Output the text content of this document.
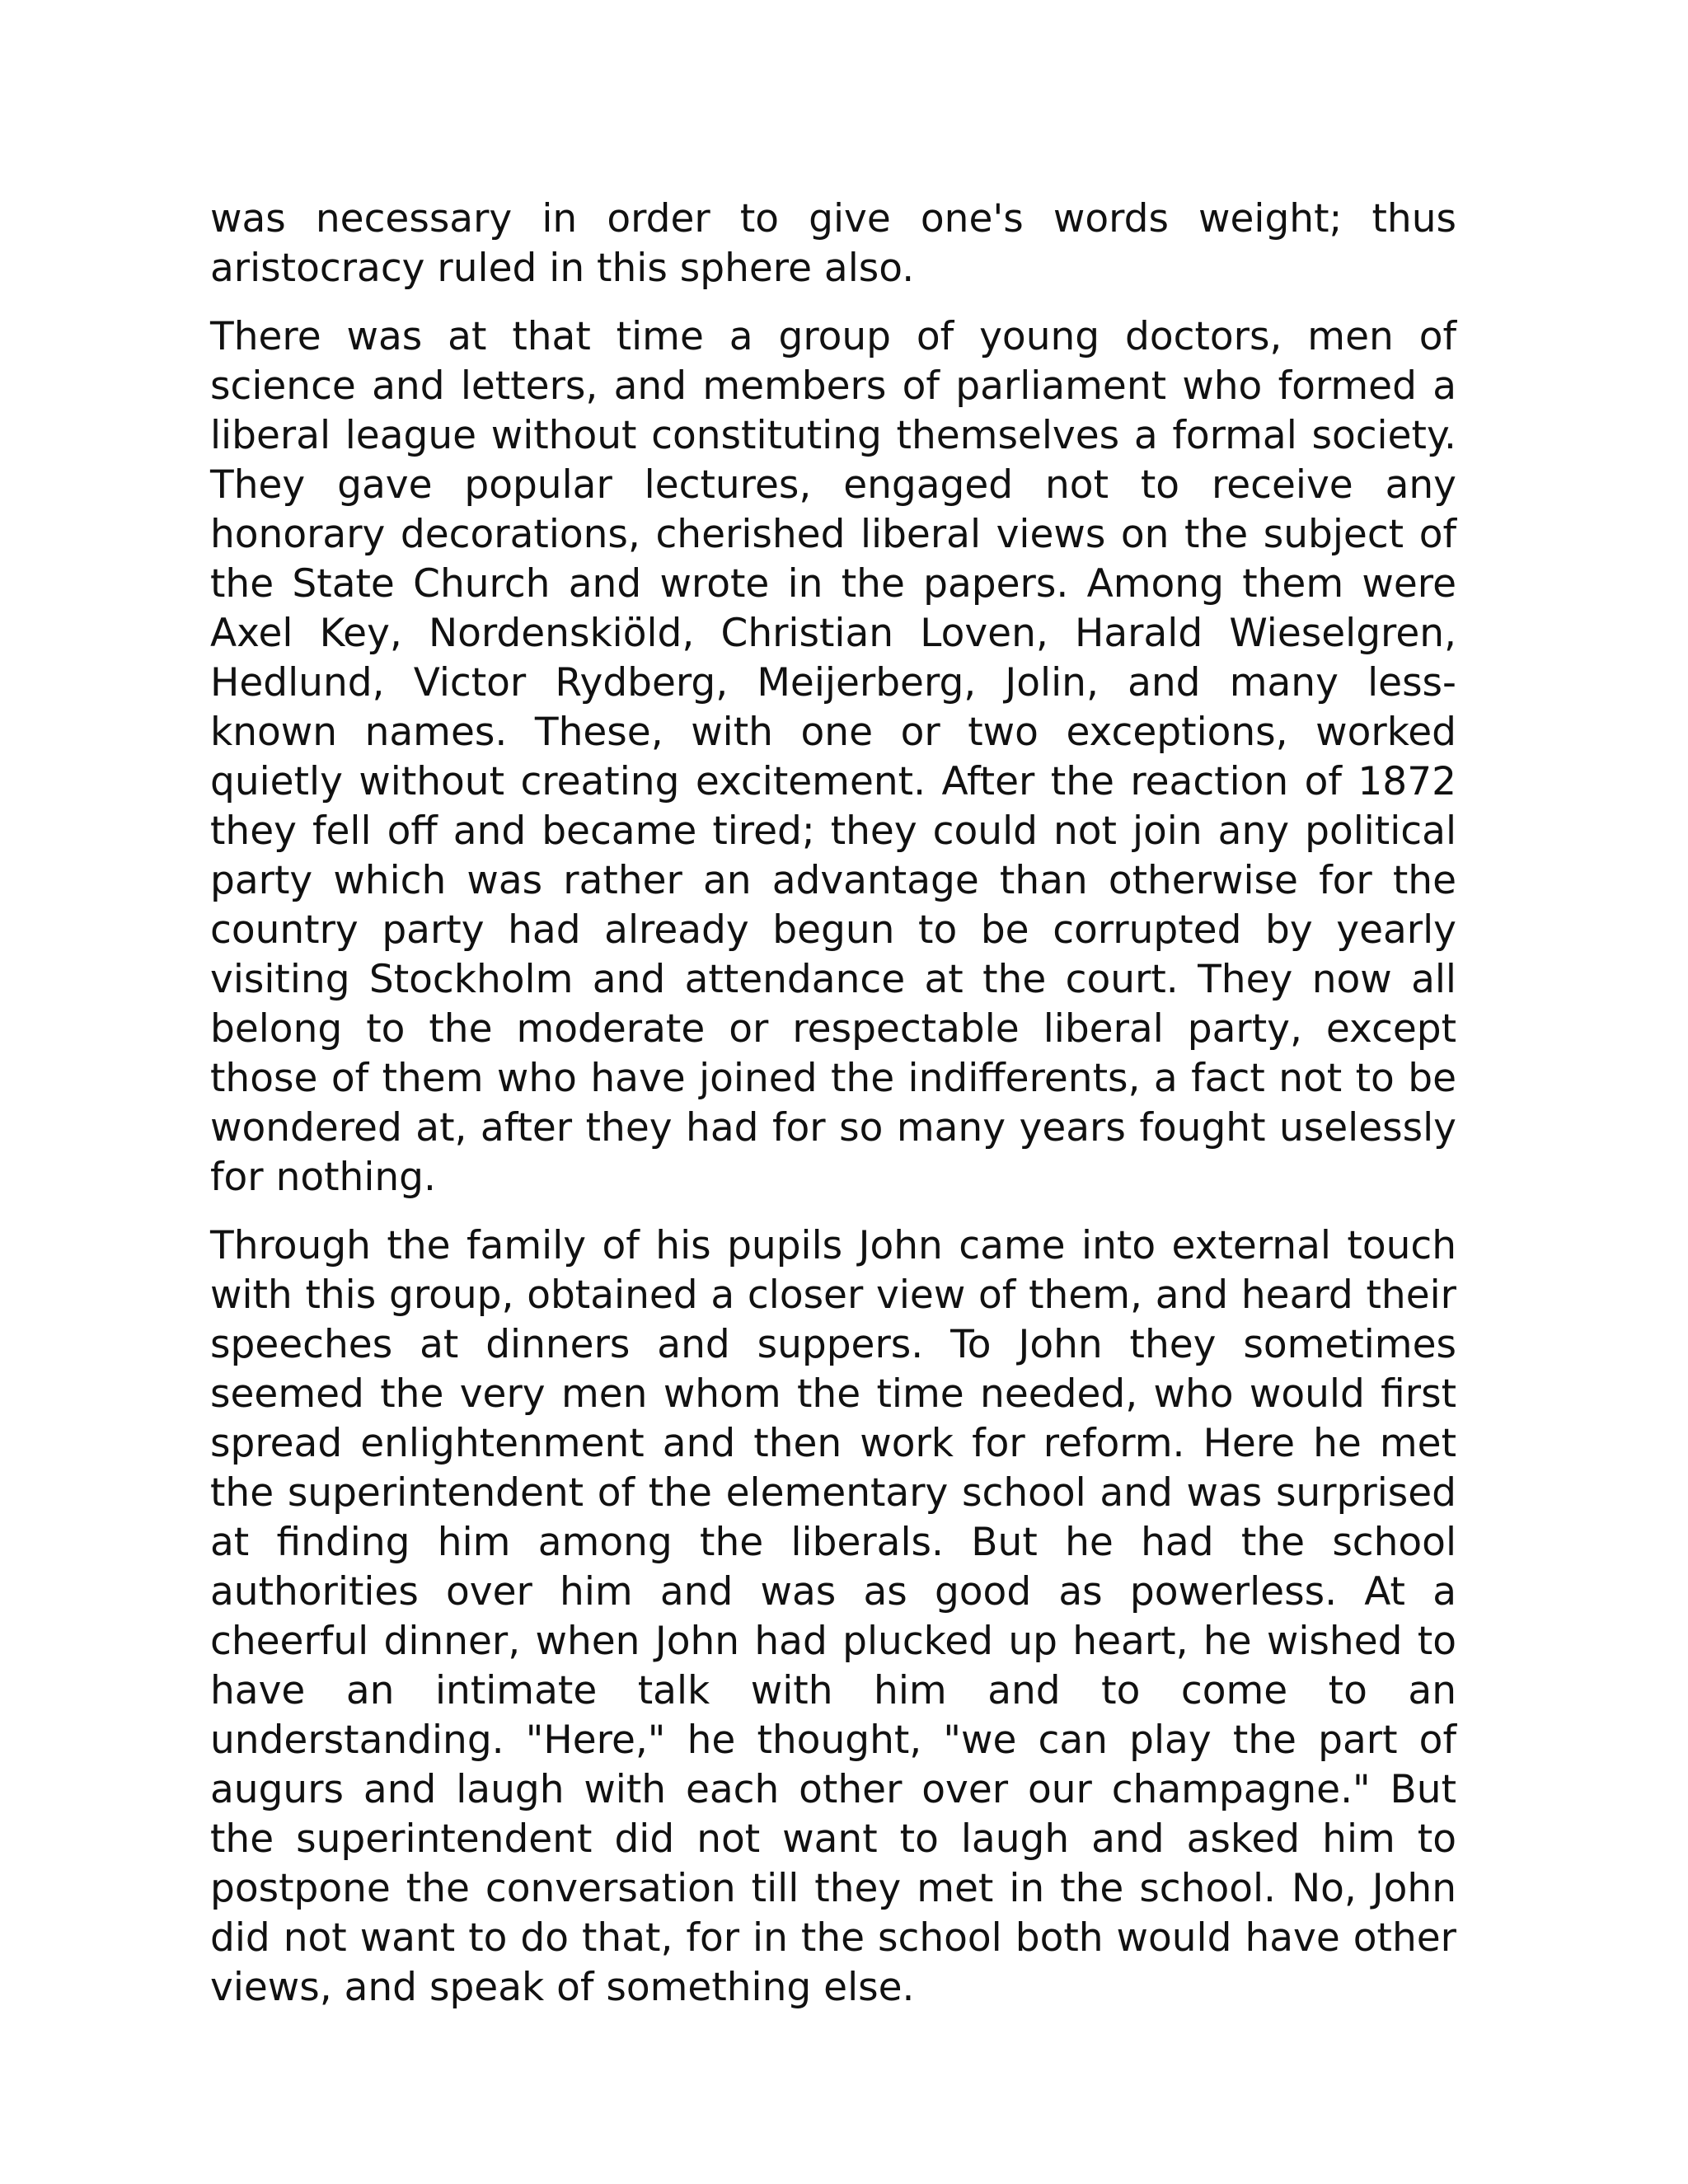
was necessary in order to give one's words weight; thus aristocracy ruled in this sphere also.

There was at that time a group of young doctors, men of science and letters, and members of parliament who formed a liberal league without constituting themselves a formal society. They gave popular lectures, engaged not to receive any honorary decorations, cherished liberal views on the subject of the State Church and wrote in the papers. Among them were Axel Key, Nordenskiöld, Christian Loven, Harald Wieselgren, Hedlund, Victor Rydberg, Meijerberg, Jolin, and many less-known names. These, with one or two exceptions, worked quietly without creating excitement. After the reaction of 1872 they fell off and became tired; they could not join any political party which was rather an advantage than otherwise for the country party had already begun to be corrupted by yearly visiting Stockholm and attendance at the court. They now all belong to the moderate or respectable liberal party, except those of them who have joined the indifferents, a fact not to be wondered at, after they had for so many years fought uselessly for nothing.

Through the family of his pupils John came into external touch with this group, obtained a closer view of them, and heard their speeches at dinners and suppers. To John they sometimes seemed the very men whom the time needed, who would first spread enlightenment and then work for reform. Here he met the superintendent of the elementary school and was surprised at finding him among the liberals. But he had the school authorities over him and was as good as powerless. At a cheerful dinner, when John had plucked up heart, he wished to have an intimate talk with him and to come to an understanding. "Here," he thought, "we can play the part of augurs and laugh with each other over our champagne." But the superintendent did not want to laugh and asked him to postpone the conversation till they met in the school. No, John did not want to do that, for in the school both would have other views, and speak of something else.
